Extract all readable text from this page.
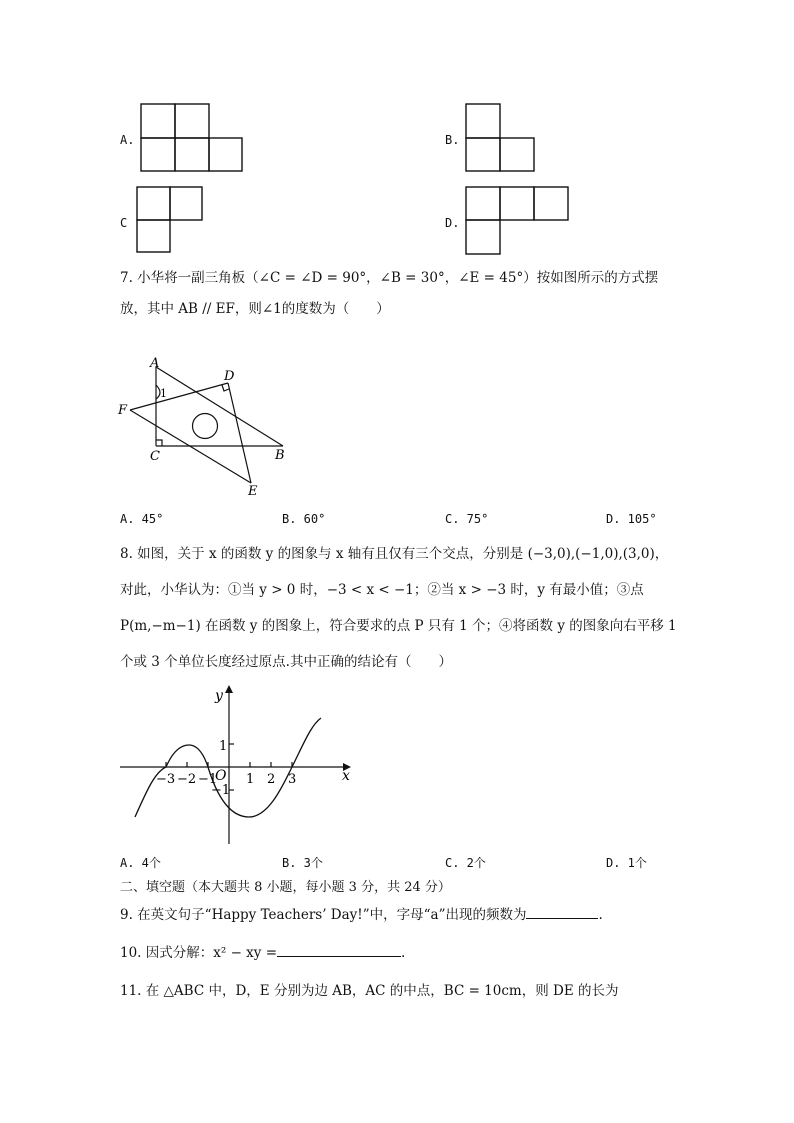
A.	B.
C	D.
7. 小华将一副三角板（∠C = ∠D = 90°，∠B = 30°，∠E = 45°）按如图所示的方式摆
放，其中 AB // EF，则∠1的度数为（　　）
A
D
F
C	B
E
1
A. 45°	B. 60°	C. 75°	D. 105°
8. 如图，关于 x 的函数 y 的图象与 x 轴有且仅有三个交点，分别是 (−3,0),(−1,0),(3,0)，
对此，小华认为：①当 y > 0 时，−3 < x < −1；②当 x > −3 时，y 有最小值；③点
P(m,−m−1) 在函数 y 的图象上，符合要求的点 P 只有 1 个；④将函数 y 的图象向右平移 1
个或 3 个单位长度经过原点.其中正确的结论有（　　）
y
x
O
1
−1
−3 −2 −1 1 2 3
A. 4个	B. 3个	C. 2个	D. 1个
二、填空题（本大题共 8 小题，每小题 3 分，共 24 分）
9. 在英文句子“Happy Teachers’ Day!”中，字母“a”出现的频数为	.
10. 因式分解：x² − xy =	.
11. 在 △ABC 中，D，E 分别为边 AB，AC 的中点，BC = 10cm，则 DE 的长为
